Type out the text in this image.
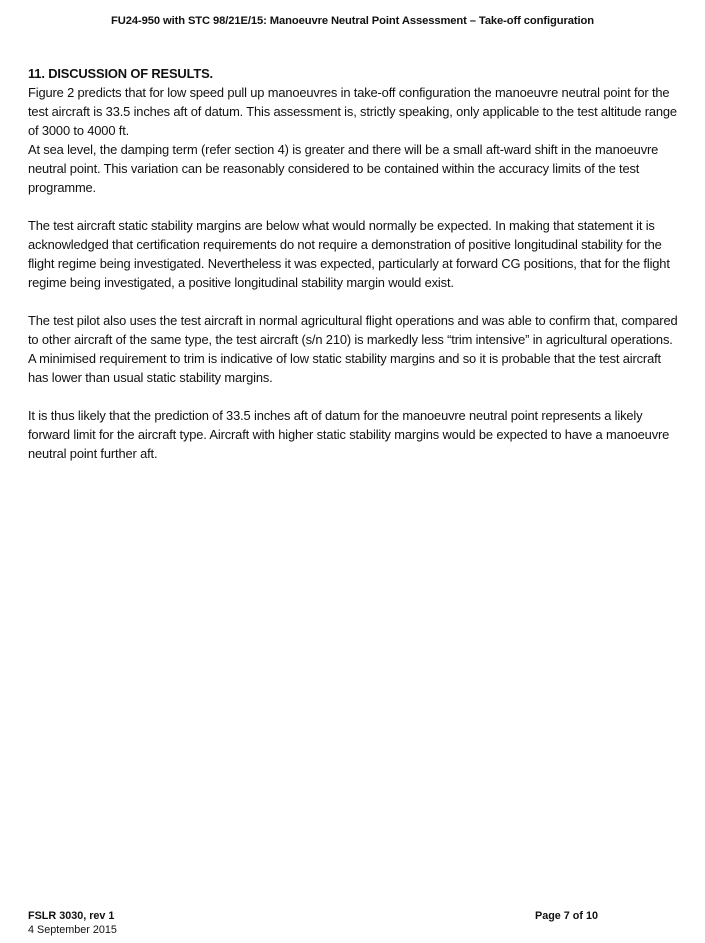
FU24-950 with STC 98/21E/15: Manoeuvre Neutral Point Assessment – Take-off configuration

11. DISCUSSION OF RESULTS.

Figure 2 predicts that for low speed pull up manoeuvres in take-off configuration the manoeuvre neutral point for the test aircraft is 33.5 inches aft of datum. This assessment is, strictly speaking, only applicable to the test altitude range of 3000 to 4000 ft.

At sea level, the damping term (refer section 4) is greater and there will be a small aft-ward shift in the manoeuvre neutral point. This variation can be reasonably considered to be contained within the accuracy limits of the test programme.

The test aircraft static stability margins are below what would normally be expected. In making that statement it is acknowledged that certification requirements do not require a demonstration of positive longitudinal stability for the flight regime being investigated. Nevertheless it was expected, particularly at forward CG positions, that for the flight regime being investigated, a positive longitudinal stability margin would exist.

The test pilot also uses the test aircraft in normal agricultural flight operations and was able to confirm that, compared to other aircraft of the same type, the test aircraft (s/n 210) is markedly less “trim intensive” in agricultural operations.

A minimised requirement to trim is indicative of low static stability margins and so it is probable that the test aircraft has lower than usual static stability margins.

It is thus likely that the prediction of 33.5 inches aft of datum for the manoeuvre neutral point represents a likely forward limit for the aircraft type. Aircraft with higher static stability margins would be expected to have a manoeuvre neutral point further aft.

FSLR 3030, rev 1
4 September 2015
Page 7 of 10
